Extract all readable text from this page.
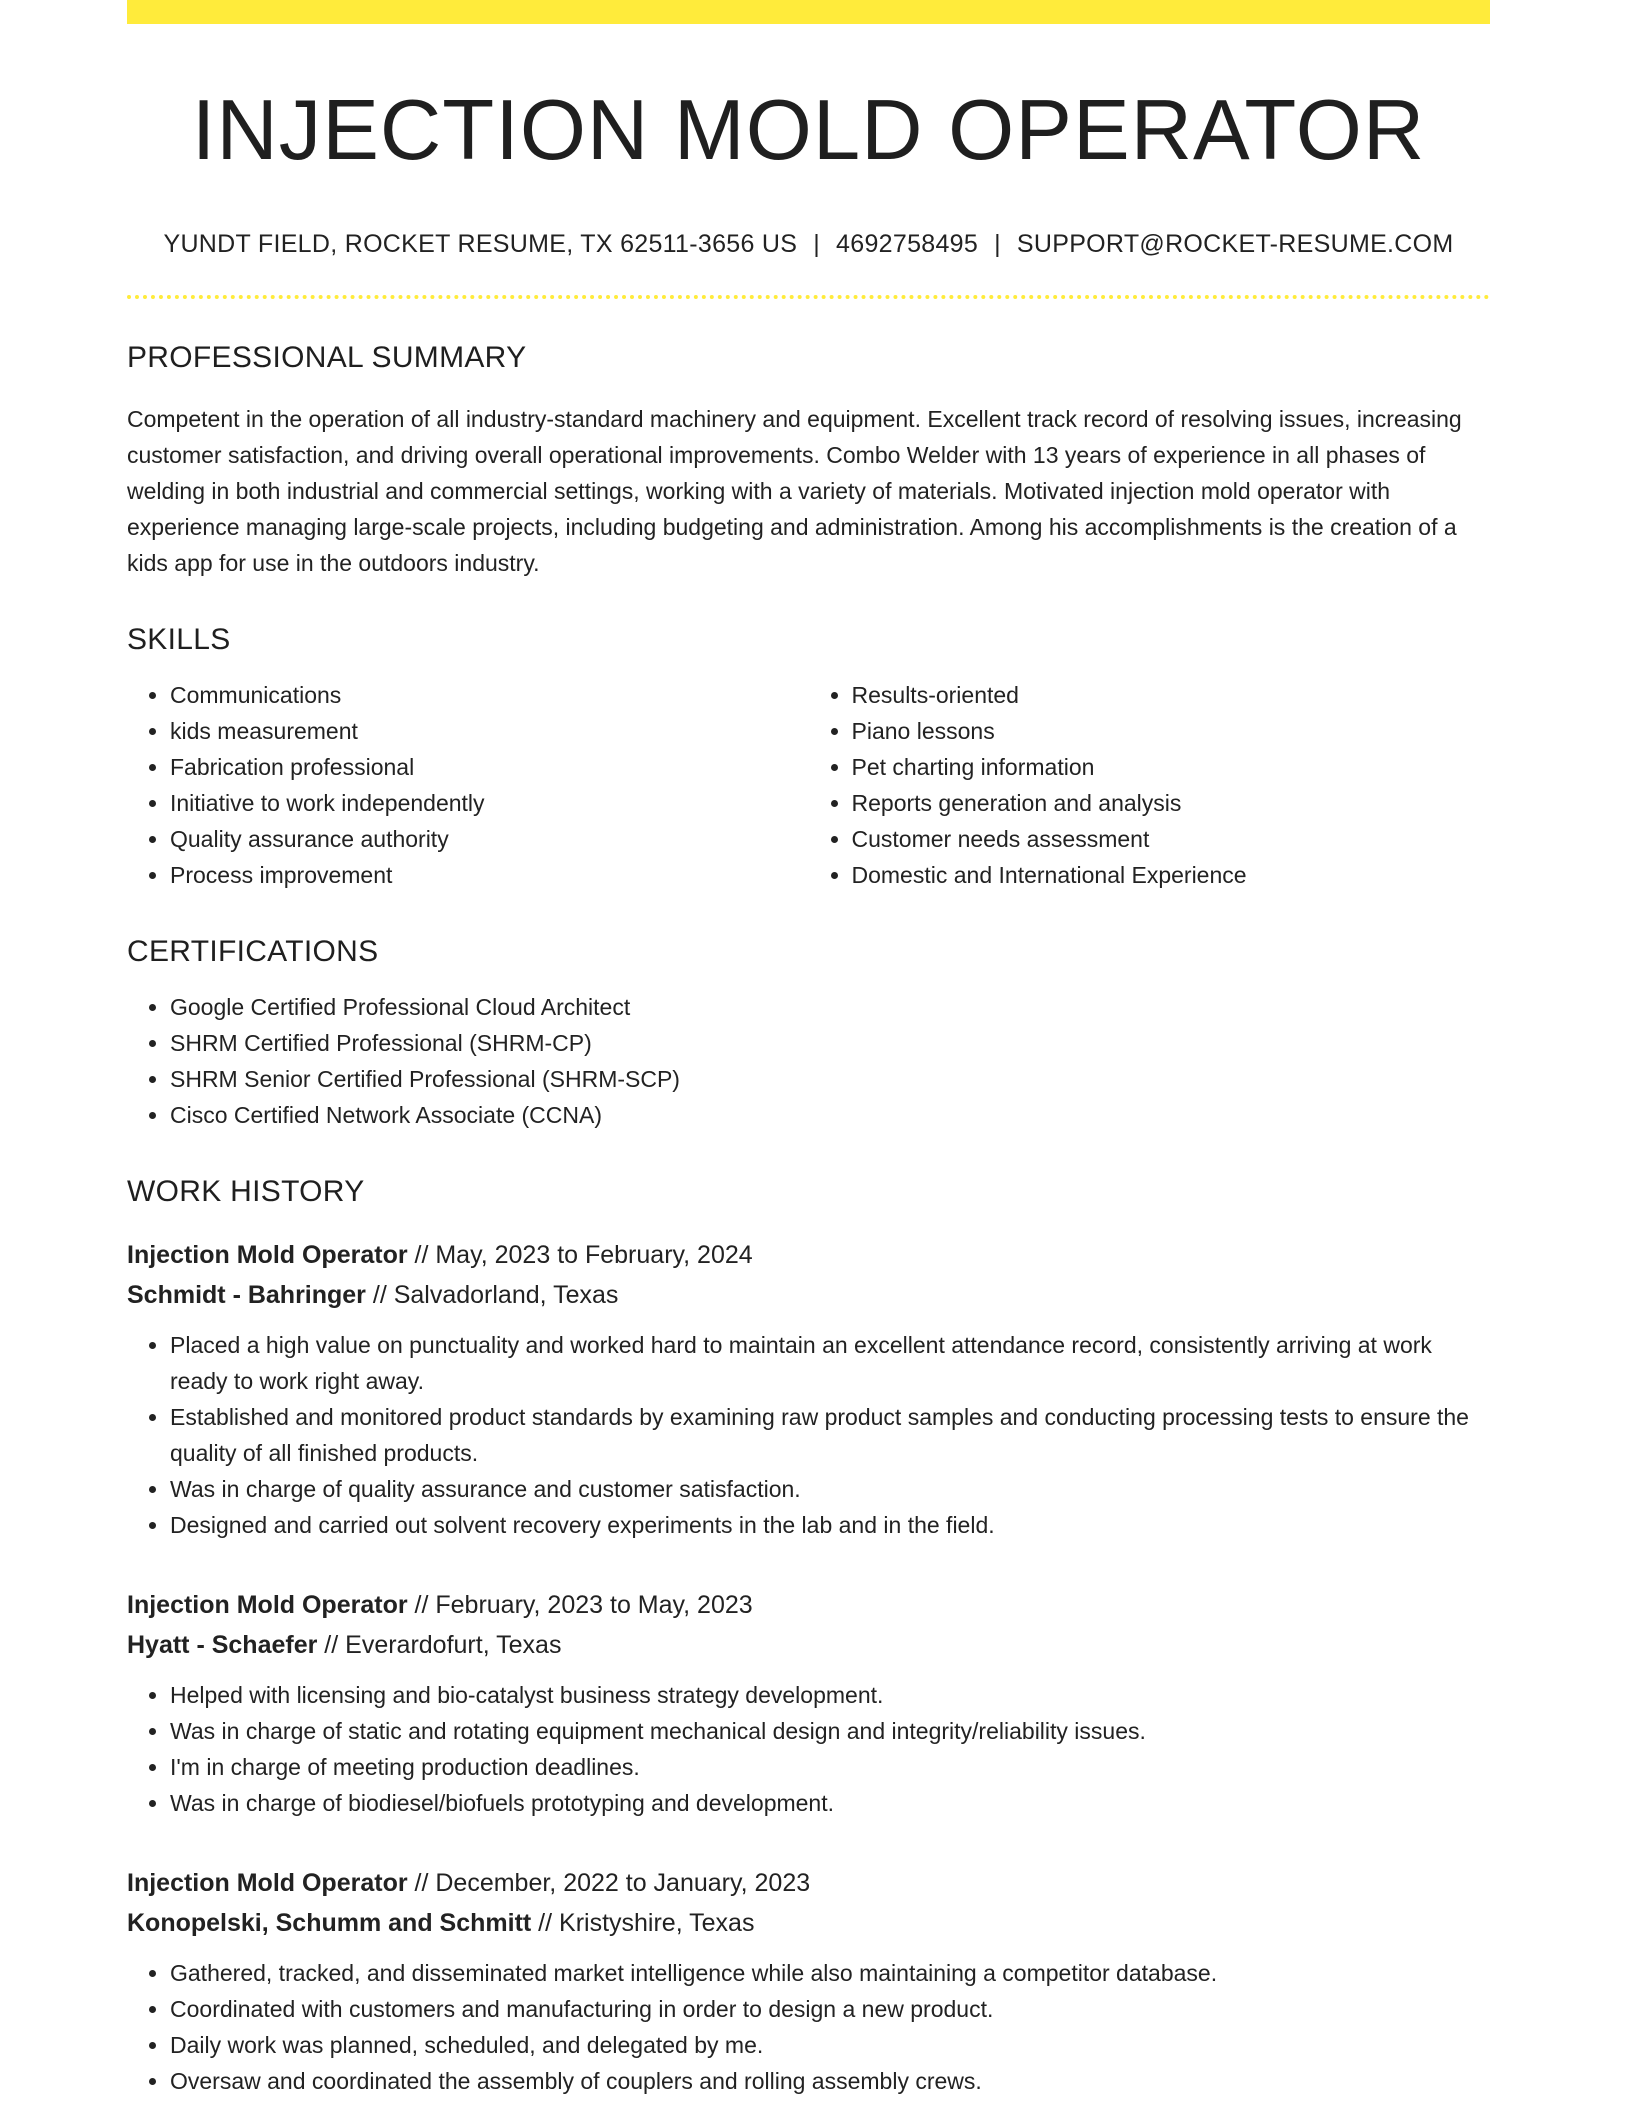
INJECTION MOLD OPERATOR
YUNDT FIELD, ROCKET RESUME, TX 62511-3656 US | 4692758495 | SUPPORT@ROCKET-RESUME.COM
PROFESSIONAL SUMMARY

Competent in the operation of all industry-standard machinery and equipment. Excellent track record of resolving issues, increasing customer satisfaction, and driving overall operational improvements. Combo Welder with 13 years of experience in all phases of welding in both industrial and commercial settings, working with a variety of materials. Motivated injection mold operator with experience managing large-scale projects, including budgeting and administration. Among his accomplishments is the creation of a kids app for use in the outdoors industry.

SKILLS
• Communications
• kids measurement
• Fabrication professional
• Initiative to work independently
• Quality assurance authority
• Process improvement
• Results-oriented
• Piano lessons
• Pet charting information
• Reports generation and analysis
• Customer needs assessment
• Domestic and International Experience
CERTIFICATIONS
• Google Certified Professional Cloud Architect
• SHRM Certified Professional (SHRM-CP)
• SHRM Senior Certified Professional (SHRM-SCP)
• Cisco Certified Network Associate (CCNA)
WORK HISTORY
Injection Mold Operator // May, 2023 to February, 2024
Schmidt - Bahringer // Salvadorland, Texas
• Placed a high value on punctuality and worked hard to maintain an excellent attendance record, consistently arriving at work ready to work right away.
• Established and monitored product standards by examining raw product samples and conducting processing tests to ensure the quality of all finished products.
• Was in charge of quality assurance and customer satisfaction.
• Designed and carried out solvent recovery experiments in the lab and in the field.
Injection Mold Operator // February, 2023 to May, 2023
Hyatt - Schaefer // Everardofurt, Texas
• Helped with licensing and bio-catalyst business strategy development.
• Was in charge of static and rotating equipment mechanical design and integrity/reliability issues.
• I'm in charge of meeting production deadlines.
• Was in charge of biodiesel/biofuels prototyping and development.
Injection Mold Operator // December, 2022 to January, 2023
Konopelski, Schumm and Schmitt // Kristyshire, Texas
• Gathered, tracked, and disseminated market intelligence while also maintaining a competitor database.
• Coordinated with customers and manufacturing in order to design a new product.
• Daily work was planned, scheduled, and delegated by me.
• Oversaw and coordinated the assembly of couplers and rolling assembly crews.
